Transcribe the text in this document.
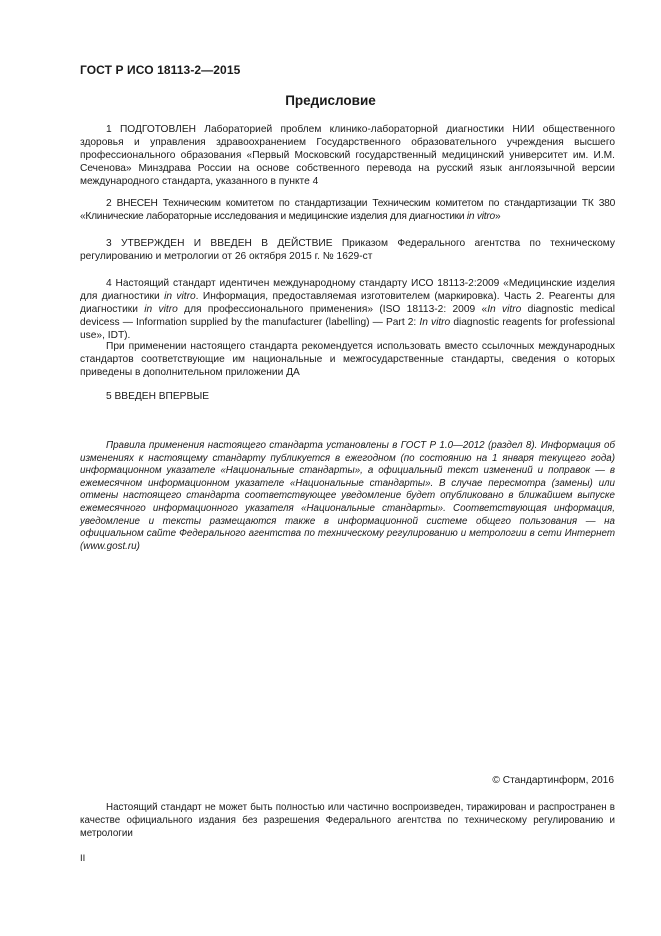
ГОСТ Р ИСО 18113-2—2015
Предисловие

1 ПОДГОТОВЛЕН Лабораторией проблем клинико-лабораторной диагностики НИИ общественного здоровья и управления здравоохранением Государственного образовательного учреждения высшего профессионального образования «Первый Московский государственный медицинский университет им. И.М. Сеченова» Минздрава России на основе собственного перевода на русский язык англоязычной версии международного стандарта, указанного в пункте 4

2 ВНЕСЕН Техническим комитетом по стандартизации Техническим комитетом по стандартизации ТК 380 «Клинические лабораторные исследования и медицинские изделия для диагностики in vitro»

3 УТВЕРЖДЕН И ВВЕДЕН В ДЕЙСТВИЕ Приказом Федерального агентства по техническому регулированию и метрологии от 26 октября 2015 г. № 1629-ст

4 Настоящий стандарт идентичен международному стандарту ИСО 18113-2:2009 «Медицинские изделия для диагностики in vitro. Информация, предоставляемая изготовителем (маркировка). Часть 2. Реагенты для диагностики in vitro для профессионального применения» (ISO 18113-2: 2009 «In vitro diagnostic medical devicess — Information supplied by the manufacturer (labelling) — Part 2: In vitro diagnostic reagents for professional use», IDT).

При применении настоящего стандарта рекомендуется использовать вместо ссылочных международных стандартов соответствующие им национальные и межгосударственные стандарты, сведения о которых приведены в дополнительном приложении ДА

5 ВВЕДЕН ВПЕРВЫЕ

Правила применения настоящего стандарта установлены в ГОСТ Р 1.0—2012 (раздел 8). Информация об изменениях к настоящему стандарту публикуется в ежегодном (по состоянию на 1 января текущего года) информационном указателе «Национальные стандарты», а официальный текст изменений и поправок — в ежемесячном информационном указателе «Национальные стандарты». В случае пересмотра (замены) или отмены настоящего стандарта соответствующее уведомление будет опубликовано в ближайшем выпуске ежемесячного информационного указателя «Национальные стандарты». Соответствующая информация, уведомление и тексты размещаются также в информационной системе общего пользования — на официальном сайте Федерального агентства по техническому регулированию и метрологии в сети Интернет (www.gost.ru)

© Стандартинформ, 2016

Настоящий стандарт не может быть полностью или частично воспроизведен, тиражирован и распространен в качестве официального издания без разрешения Федерального агентства по техническому регулированию и метрологии

II
